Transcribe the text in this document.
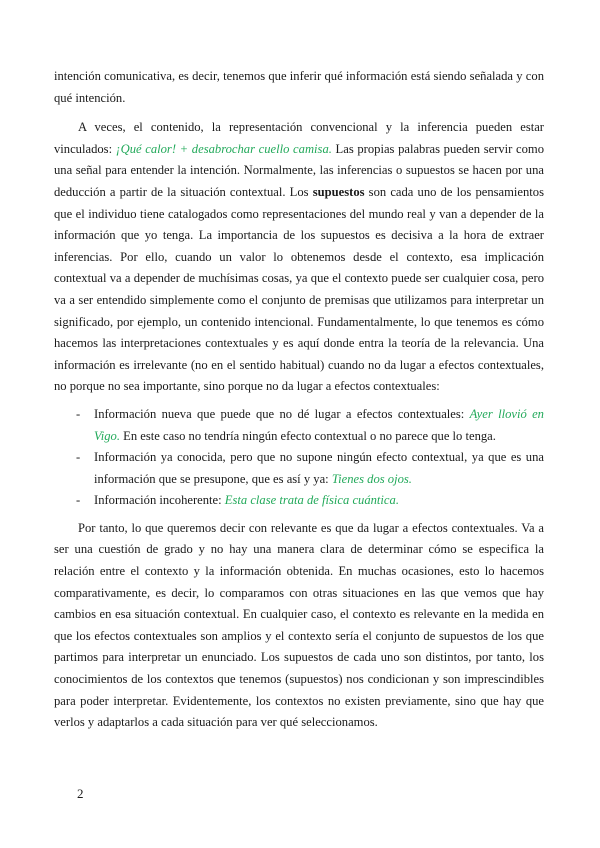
intención comunicativa, es decir, tenemos que inferir qué información está siendo señalada y con qué intención.

A veces, el contenido, la representación convencional y la inferencia pueden estar vinculados: ¡Qué calor! + desabrochar cuello camisa. Las propias palabras pueden servir como una señal para entender la intención. Normalmente, las inferencias o supuestos se hacen por una deducción a partir de la situación contextual. Los supuestos son cada uno de los pensamientos que el individuo tiene catalogados como representaciones del mundo real y van a depender de la información que yo tenga. La importancia de los supuestos es decisiva a la hora de extraer inferencias. Por ello, cuando un valor lo obtenemos desde el contexto, esa implicación contextual va a depender de muchísimas cosas, ya que el contexto puede ser cualquier cosa, pero va a ser entendido simplemente como el conjunto de premisas que utilizamos para interpretar un significado, por ejemplo, un contenido intencional. Fundamentalmente, lo que tenemos es cómo hacemos las interpretaciones contextuales y es aquí donde entra la teoría de la relevancia. Una información es irrelevante (no en el sentido habitual) cuando no da lugar a efectos contextuales, no porque no sea importante, sino porque no da lugar a efectos contextuales:

- Información nueva que puede que no dé lugar a efectos contextuales: Ayer llovió en Vigo. En este caso no tendría ningún efecto contextual o no parece que lo tenga.
- Información ya conocida, pero que no supone ningún efecto contextual, ya que es una información que se presupone, que es así y ya: Tienes dos ojos.
- Información incoherente: Esta clase trata de física cuántica.

Por tanto, lo que queremos decir con relevante es que da lugar a efectos contextuales. Va a ser una cuestión de grado y no hay una manera clara de determinar cómo se especifica la relación entre el contexto y la información obtenida. En muchas ocasiones, esto lo hacemos comparativamente, es decir, lo comparamos con otras situaciones en las que vemos que hay cambios en esa situación contextual. En cualquier caso, el contexto es relevante en la medida en que los efectos contextuales son amplios y el contexto sería el conjunto de supuestos de los que partimos para interpretar un enunciado. Los supuestos de cada uno son distintos, por tanto, los conocimientos de los contextos que tenemos (supuestos) nos condicionan y son imprescindibles para poder interpretar. Evidentemente, los contextos no existen previamente, sino que hay que verlos y adaptarlos a cada situación para ver qué seleccionamos.

2
